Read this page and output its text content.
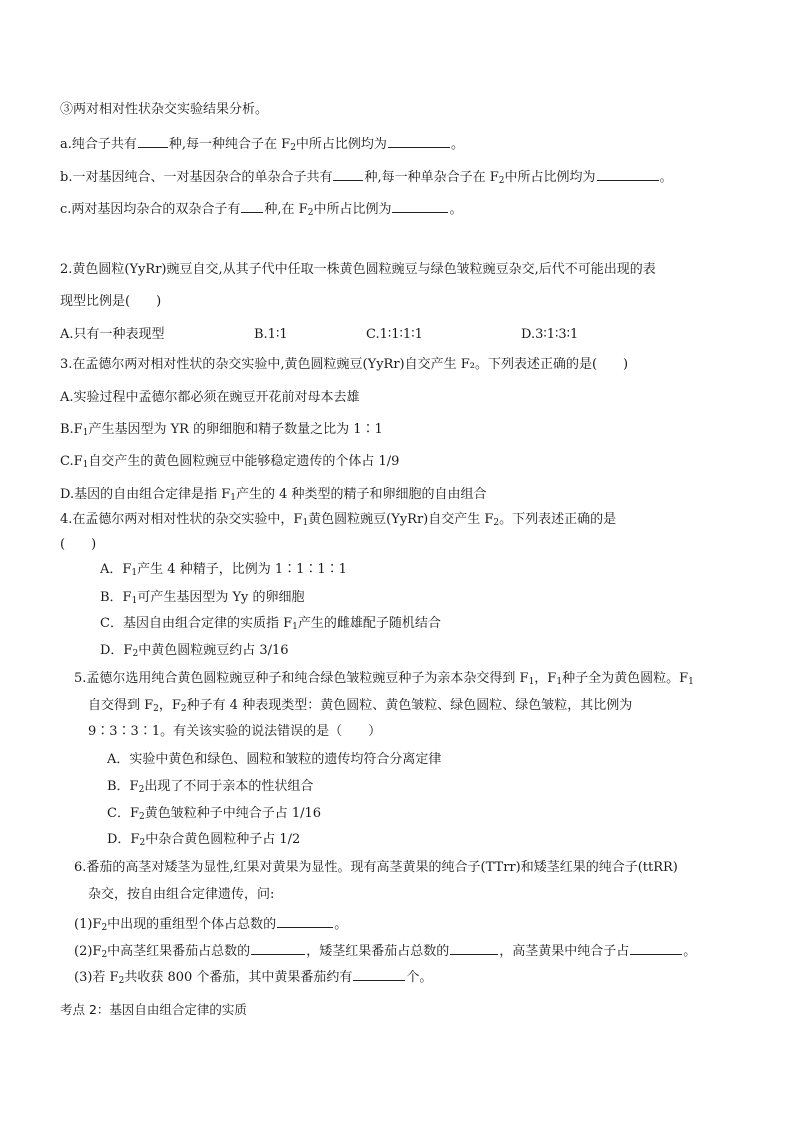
③两对相对性状杂交实验结果分析。
a.纯合子共有 种,每一种纯合子在 $F_2$中所占比例均为	。
b.一对基因纯合、一对基因杂合的单杂合子共有 种,每一种单杂合子在 $F_2$中所占比例均为	。
c.两对基因均杂合的双杂合子有 种,在 $F_2$中所占比例为	。
2.黄色圆粒(YyRr)豌豆自交,从其子代中任取一株黄色圆粒豌豆与绿色皱粒豌豆杂交,后代不可能出现的表
现型比例是(　　)
A.只有一种表现型	B.1∶1	C.1∶1∶1∶1	D.3∶1∶3∶1
3.在孟德尔两对相对性状的杂交实验中,黄色圆粒豌豆(YyRr)自交产生 F₂。下列表述正确的是(　　)
A.实验过程中孟德尔都必须在豌豆开花前对母本去雄
$B.F_1$产生基因型为 YR 的卵细胞和精子数量之比为 1∶1
$C.F_1$自交产生的黄色圆粒豌豆中能够稳定遗传的个体占 1/9
D.基因的自由组合定律是指 $F_1$产生的 4 种类型的精子和卵细胞的自由组合
4.在孟德尔两对相对性状的杂交实验中，$F_1$黄色圆粒豌豆(YyRr)自交产生 $F_2$。下列表述正确的是
(　　)
A．$F_1$产生 4 种精子，比例为 1∶1∶1∶1
B．$F_1$可产生基因型为 Yy 的卵细胞
C．基因自由组合定律的实质指 $F_1$产生的雌雄配子随机结合
D．$F_2$中黄色圆粒豌豆约占 3/16
5.孟德尔选用纯合黄色圆粒豌豆种子和纯合绿色皱粒豌豆种子为亲本杂交得到 $F_1$，$F_1$种子全为黄色圆粒。$F_1$
自交得到 $F_2$，$F_2$种子有 4 种表现类型：黄色圆粒、黄色皱粒、绿色圆粒、绿色皱粒，其比例为
9∶3∶3∶1。有关该实验的说法错误的是（　　）
A．实验中黄色和绿色、圆粒和皱粒的遗传均符合分离定律
B．$F_2$出现了不同于亲本的性状组合
C．$F_2$黄色皱粒种子中纯合子占 1/16
D．$F_2$中杂合黄色圆粒种子占 1/2
6.番茄的高茎对矮茎为显性,红果对黄果为显性。现有高茎黄果的纯合子(TTrr)和矮茎红果的纯合子(ttRR)
杂交，按自由组合定律遗传，问:
$(1)F_2$中出现的重组型个体占总数的	。
$(2)F_2$中高茎红果番茄占总数的	，矮茎红果番茄占总数的	，高茎黄果中纯合子占	。
(3)若 $F_2$共收获 800 个番茄，其中黄果番茄约有	个。
考点 2：基因自由组合定律的实质
